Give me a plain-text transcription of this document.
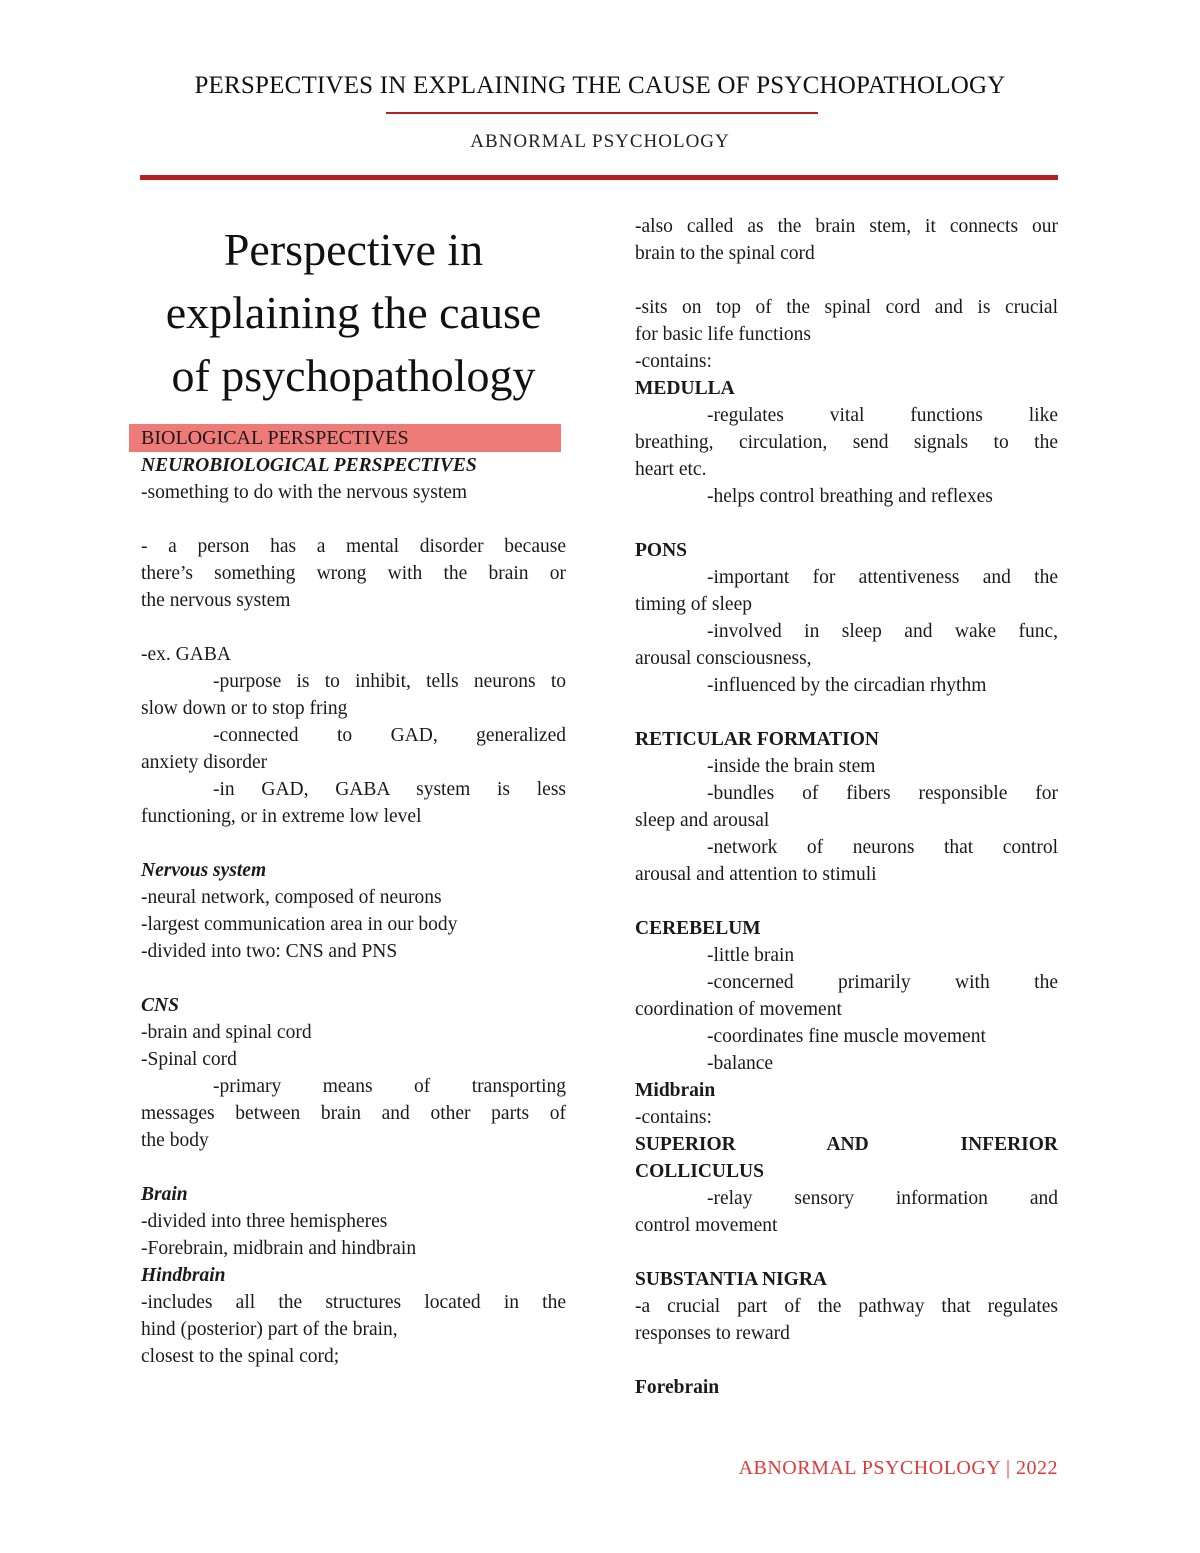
PERSPECTIVES IN EXPLAINING THE CAUSE OF PSYCHOPATHOLOGY
ABNORMAL PSYCHOLOGY
Perspective in
explaining the cause
of psychopathology
BIOLOGICAL PERSPECTIVES

NEUROBIOLOGICAL PERSPECTIVES

-something to do with the nervous system

- a person has a mental disorder because

there’s something wrong with the brain or

the nervous system

-ex. GABA

-purpose is to inhibit, tells neurons to

slow down or to stop fring

-connected to GAD, generalized

anxiety disorder

-in GAD, GABA system is less

functioning, or in extreme low level

Nervous system

-neural network, composed of neurons

-largest communication area in our body

-divided into two: CNS and PNS

CNS

-brain and spinal cord

-Spinal cord

-primary means of transporting

messages between brain and other parts of

the body

Brain

-divided into three hemispheres

-Forebrain, midbrain and hindbrain

Hindbrain

-includes all the structures located in the

hind (posterior) part of the brain,

closest to the spinal cord;

-also called as the brain stem, it connects our

brain to the spinal cord

-sits on top of the spinal cord and is crucial

for basic life functions

-contains:

MEDULLA

-regulates vital functions like

breathing, circulation, send signals to the

heart etc.

-helps control breathing and reflexes

PONS

-important for attentiveness and the

timing of sleep

-involved in sleep and wake func,

arousal consciousness,

-influenced by the circadian rhythm

RETICULAR FORMATION

-inside the brain stem

-bundles of fibers responsible for

sleep and arousal

-network of neurons that control

arousal and attention to stimuli

CEREBELUM

-little brain

-concerned primarily with the

coordination of movement

-coordinates fine muscle movement

-balance

Midbrain

-contains:

SUPERIOR AND INFERIOR

COLLICULUS

-relay sensory information and

control movement

SUBSTANTIA NIGRA

-a crucial part of the pathway that regulates

responses to reward

Forebrain

ABNORMAL PSYCHOLOGY | 2022
